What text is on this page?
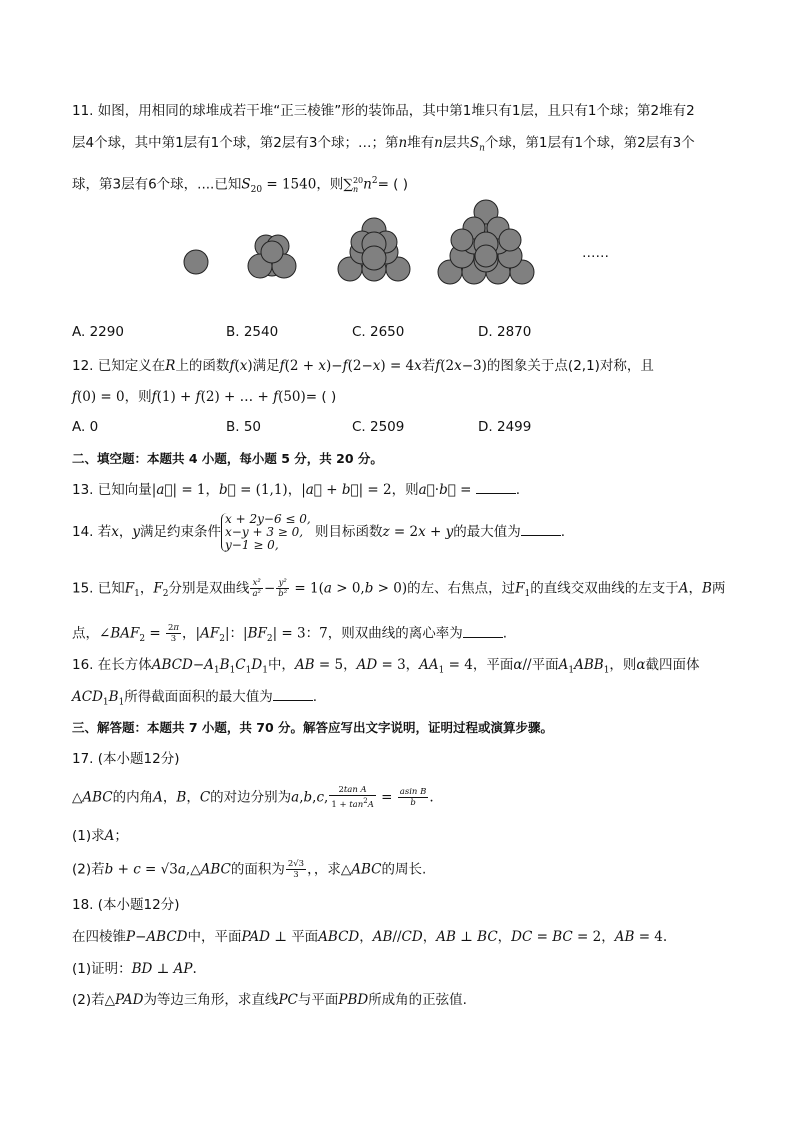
11. 如图，用相同的球堆成若干堆“正三棱锥”形的装饰品，其中第1堆只有1层，且只有1个球；第2堆有2
层4个球，其中第1层有1个球，第2层有3个球；…；第n堆有n层共$S_n$个球，第1层有1个球，第2层有3个
球，第3层有6个球，....已知$S_{20} = 1540$，则∑ 20
n $n^2=$ ( )
……
A. 2290	B. 2540	C. 2650	D. 2870
12. 已知定义在R上的函数f(x)满足f(2 + x)−f(2−x) = 4x若f(2x−3)的图象关于点(2,1)对称，且
f(0) = 0，则f(1) + f(2) + … + f(50)= ( )
A. 0	B. 50	C. 2509	D. 2499
二、填空题：本题共 4 小题，每小题 5 分，共 20 分。
13. 已知向量|a⃗| = 1，b⃗ = (1,1)，|a⃗ + b⃗| = 2，则a⃗·b⃗ =	.
14. 若x，y满足约束条件
x + 2y−6 ≤ 0,
x−y + 3 ≥ 0,
y−1 ≥ 0,
则目标函数z = 2x + y的最大值为	.
15. 已知$F_1$，$F_2$分别是双曲线 $\frac{\text{x²}}{\text{a²}} - \frac{\text{y²}}{\text{b²}} = 1(a > 0,b > 0)$的左、右焦点，过$F_1$的直线交双曲线的左支于A，B两
点，$\angle BAF_2 = \frac{2\pi}{3}$ ，$|AF_2|$：$|BF_2| = 3$：7，则双曲线的离心率为	.
16. 在长方体$ABCD-A_1B_1C_1D_1$中，AB = 5，AD = 3，$AA_1 = 4$，平面α//平面$A_1ABB_1$，则α截四面体
$ACD_1B_1$所得截面面积的最大值为	.
三、解答题：本题共 7 小题，共 70 分。解答应写出文字说明，证明过程或演算步骤。
17. (本小题12分)
△ABC的内角A，B，C的对边分别为a,b,c, $\frac{\text{2tan A}}{1 + \tan^2A} = \frac{\text{asin B}}{b}$ .
(1)求A；
(2)若b + c = √3a,△ABC的面积为 $\frac{2√3}{3}$ ，，求△ABC的周长.
18. (本小题12分)
在四棱锥P−ABCD中，平面PAD ⊥ 平面ABCD，AB//CD，AB ⊥ BC，DC = BC = 2，AB = 4.
(1)证明：BD ⊥ AP.
(2)若△PAD为等边三角形，求直线PC与平面PBD所成角的正弦值.
